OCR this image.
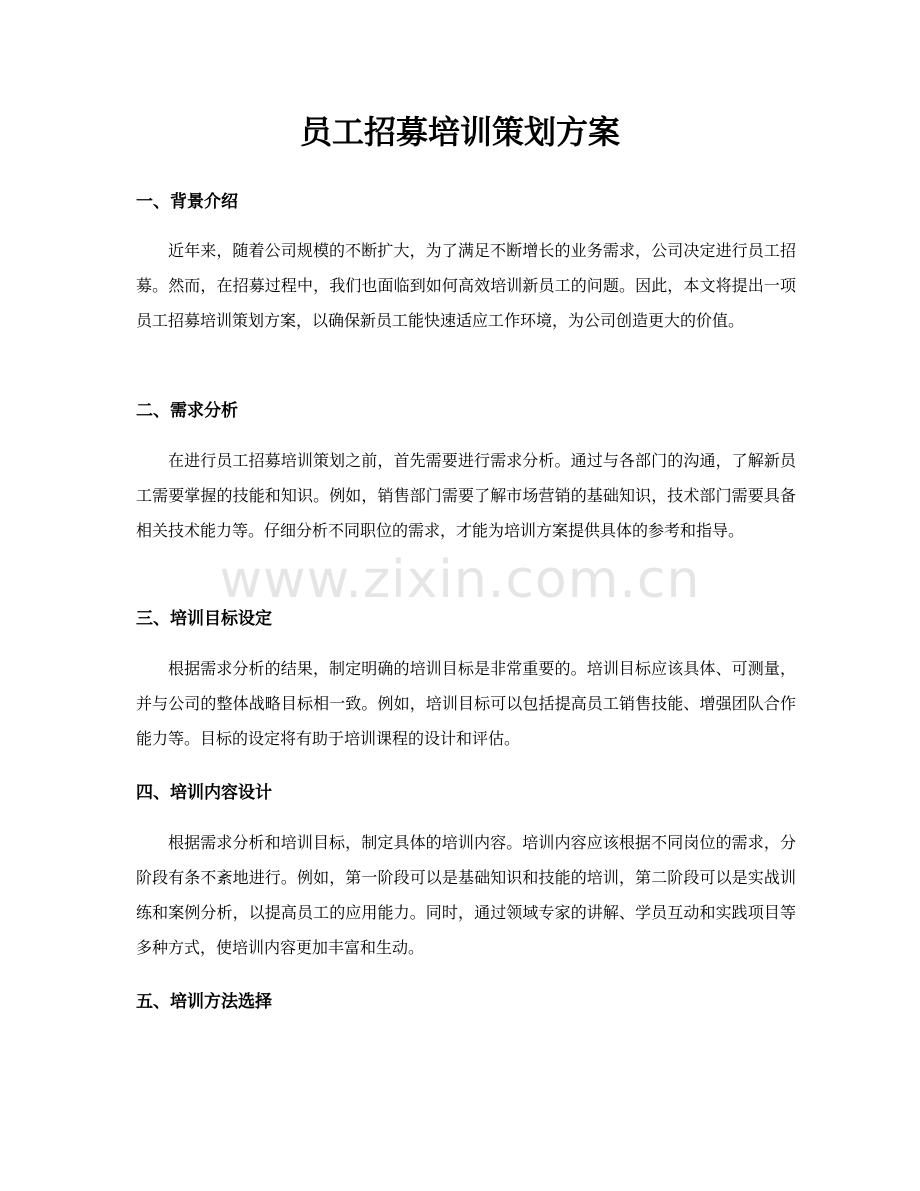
员工招募培训策划方案
一、背景介绍

近年来，随着公司规模的不断扩大，为了满足不断增长的业务需求，公司决定进行员工招募。然而，在招募过程中，我们也面临到如何高效培训新员工的问题。因此，本文将提出一项员工招募培训策划方案，以确保新员工能快速适应工作环境，为公司创造更大的价值。

二、需求分析

在进行员工招募培训策划之前，首先需要进行需求分析。通过与各部门的沟通，了解新员工需要掌握的技能和知识。例如，销售部门需要了解市场营销的基础知识，技术部门需要具备相关技术能力等。仔细分析不同职位的需求，才能为培训方案提供具体的参考和指导。

三、培训目标设定

根据需求分析的结果，制定明确的培训目标是非常重要的。培训目标应该具体、可测量，并与公司的整体战略目标相一致。例如，培训目标可以包括提高员工销售技能、增强团队合作能力等。目标的设定将有助于培训课程的设计和评估。

四、培训内容设计

根据需求分析和培训目标，制定具体的培训内容。培训内容应该根据不同岗位的需求，分阶段有条不紊地进行。例如，第一阶段可以是基础知识和技能的培训，第二阶段可以是实战训练和案例分析，以提高员工的应用能力。同时，通过领域专家的讲解、学员互动和实践项目等多种方式，使培训内容更加丰富和生动。

五、培训方法选择
www.zixin.com.cn
